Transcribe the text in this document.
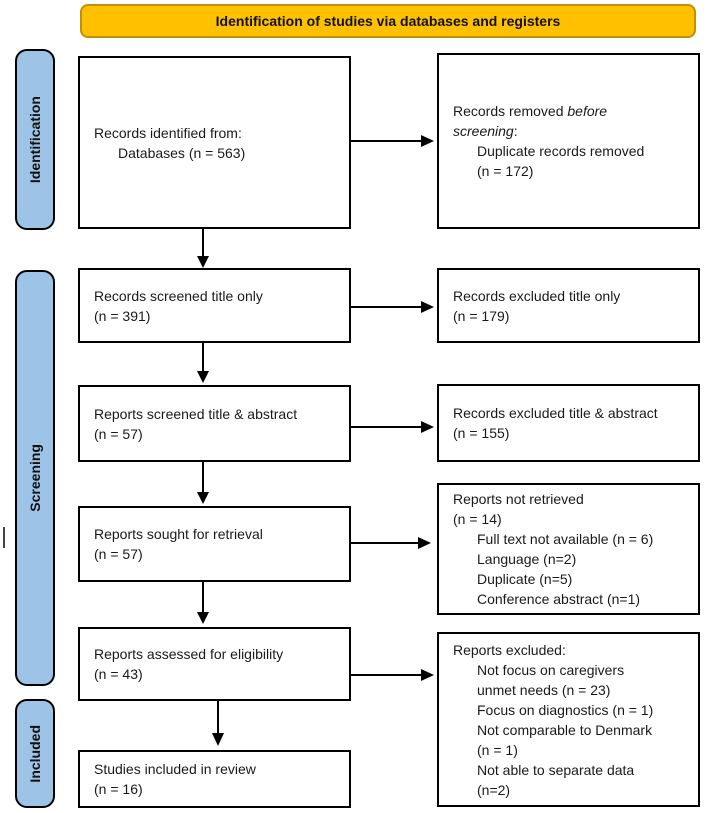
Identification of studies via databases and registers
Identification
Screening
Included
Records identified from:
Databases (n = 563)
Records screened title only
(n = 391)
Reports screened title & abstract
(n = 57)
Reports sought for retrieval
(n = 57)
Reports assessed for eligibility
(n = 43)
Studies included in review
(n = 16)
Records removed before
screening:
Duplicate records removed
(n = 172)
Records excluded title only
(n = 179)
Records excluded title & abstract
(n = 155)
Reports not retrieved
(n = 14)
Full text not available (n = 6)
Language (n=2)
Duplicate (n=5)
Conference abstract (n=1)
Reports excluded:
Not focus on caregivers
unmet needs (n = 23)
Focus on diagnostics (n = 1)
Not comparable to Denmark
(n = 1)
Not able to separate data
(n=2)
